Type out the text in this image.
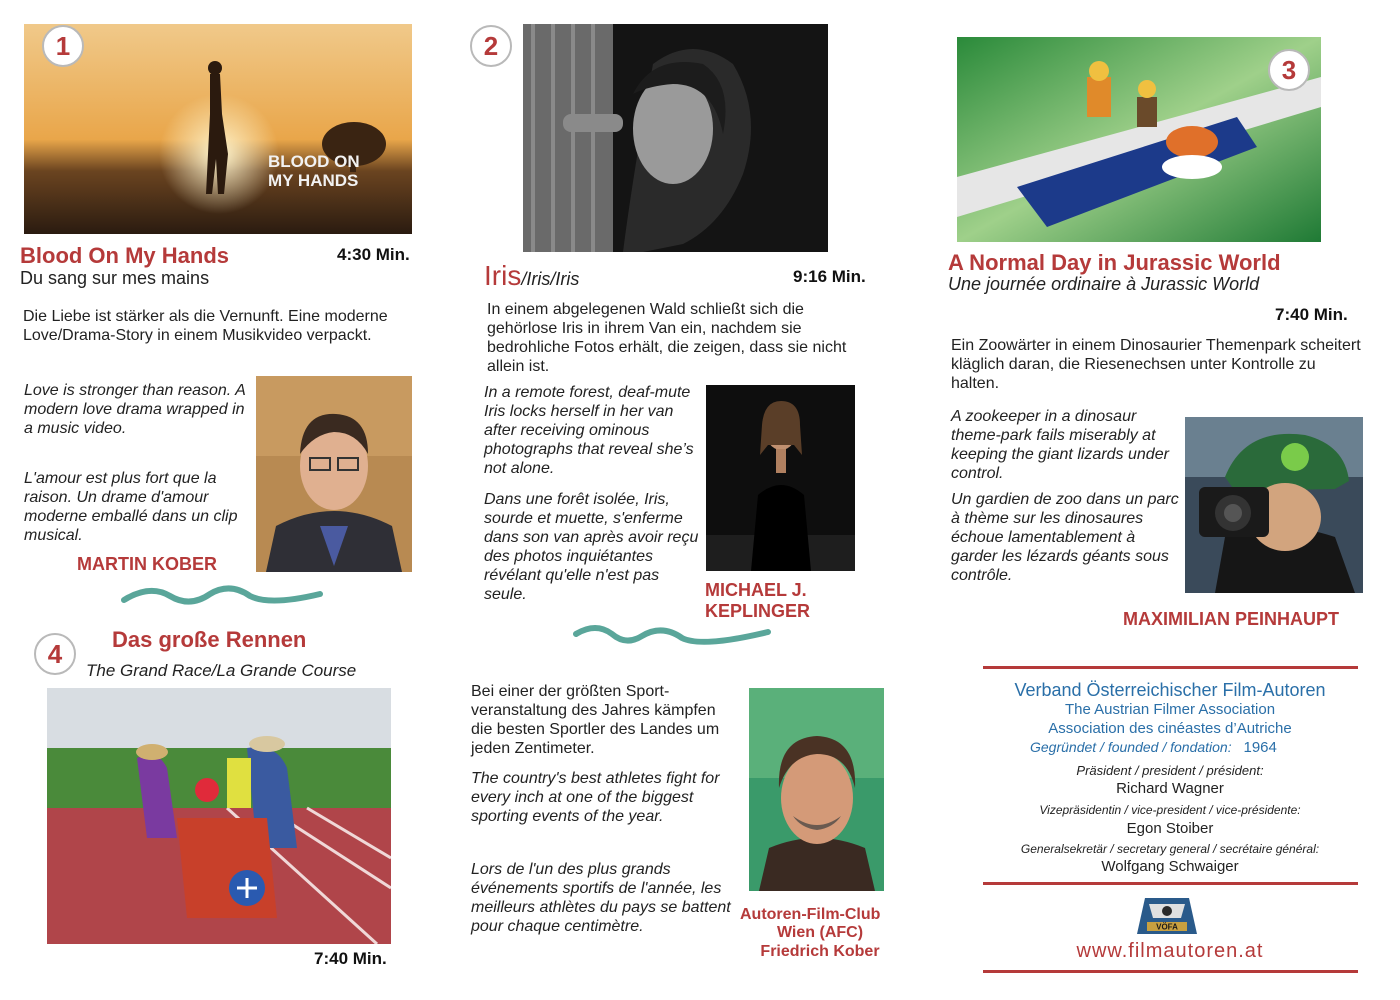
BLOOD ON MY HANDS
1
Blood On My Hands	4:30 Min.
Du sang sur mes mains
Die Liebe ist stärker als die Vernunft. Eine moderne Love/Drama-Story in einem Musikvideo verpackt.
Love is stronger than reason. A modern love drama wrapped in a music video.
L'amour est plus fort que la raison. Un drame d'amour moderne emballé dans un clip musical.
MARTIN KOBER
2
Iris/Iris/Iris	9:16 Min.
In einem abgelegenen Wald schließt sich die gehörlose Iris in ihrem Van ein, nachdem sie bedrohliche Fotos erhält, die zeigen, dass sie nicht allein ist.
In a remote forest, deaf-mute Iris locks herself in her van after receiving ominous photographs that reveal she’s not alone.
Dans une forêt isolée, Iris, sourde et muette, s'enferme dans son van après avoir reçu des photos inquiétantes révélant qu'elle n'est pas seule.	MICHAEL J.
KEPLINGER
3
A Normal Day in Jurassic World
Une journée ordinaire à Jurassic World
7:40 Min.
Ein Zoowärter in einem Dinosaurier Themenpark scheitert kläglich daran, die Riesenechsen unter Kontrolle zu halten.
A zookeeper in a dinosaur theme-park fails miserably at keeping the giant lizards under control.
Un gardien de zoo dans un parc à thème sur les dinosaures échoue lamentablement à garder les lézards géants sous contrôle.
MAXIMILIAN PEINHAUPT
4	Das große Rennen
The Grand Race/La Grande Course
7:40 Min.
Bei einer der größten Sport-veranstaltung des Jahres kämpfen die besten Sportler des Landes um jeden Zentimeter.
The country's best athletes fight for every inch at one of the biggest sporting events of the year.
Lors de l'un des plus grands événements sportifs de l'année, les meilleurs athlètes du pays se battent pour chaque centimètre.
Autoren-Film-Club
Wien (AFC)
Friedrich Kober
Verband Österreichischer Film-Autoren
The Austrian Filmer Association
Association des cinéastes d’Autriche
Gegründet / founded / fondation: 1964
Präsident / president / président:
Richard Wagner
Vizepräsidentin / vice-president / vice-présidente:
Egon Stoiber
Generalsekretär / secretary general / secrétaire général:
Wolfgang Schwaiger
VÖFA
www.filmautoren.at
